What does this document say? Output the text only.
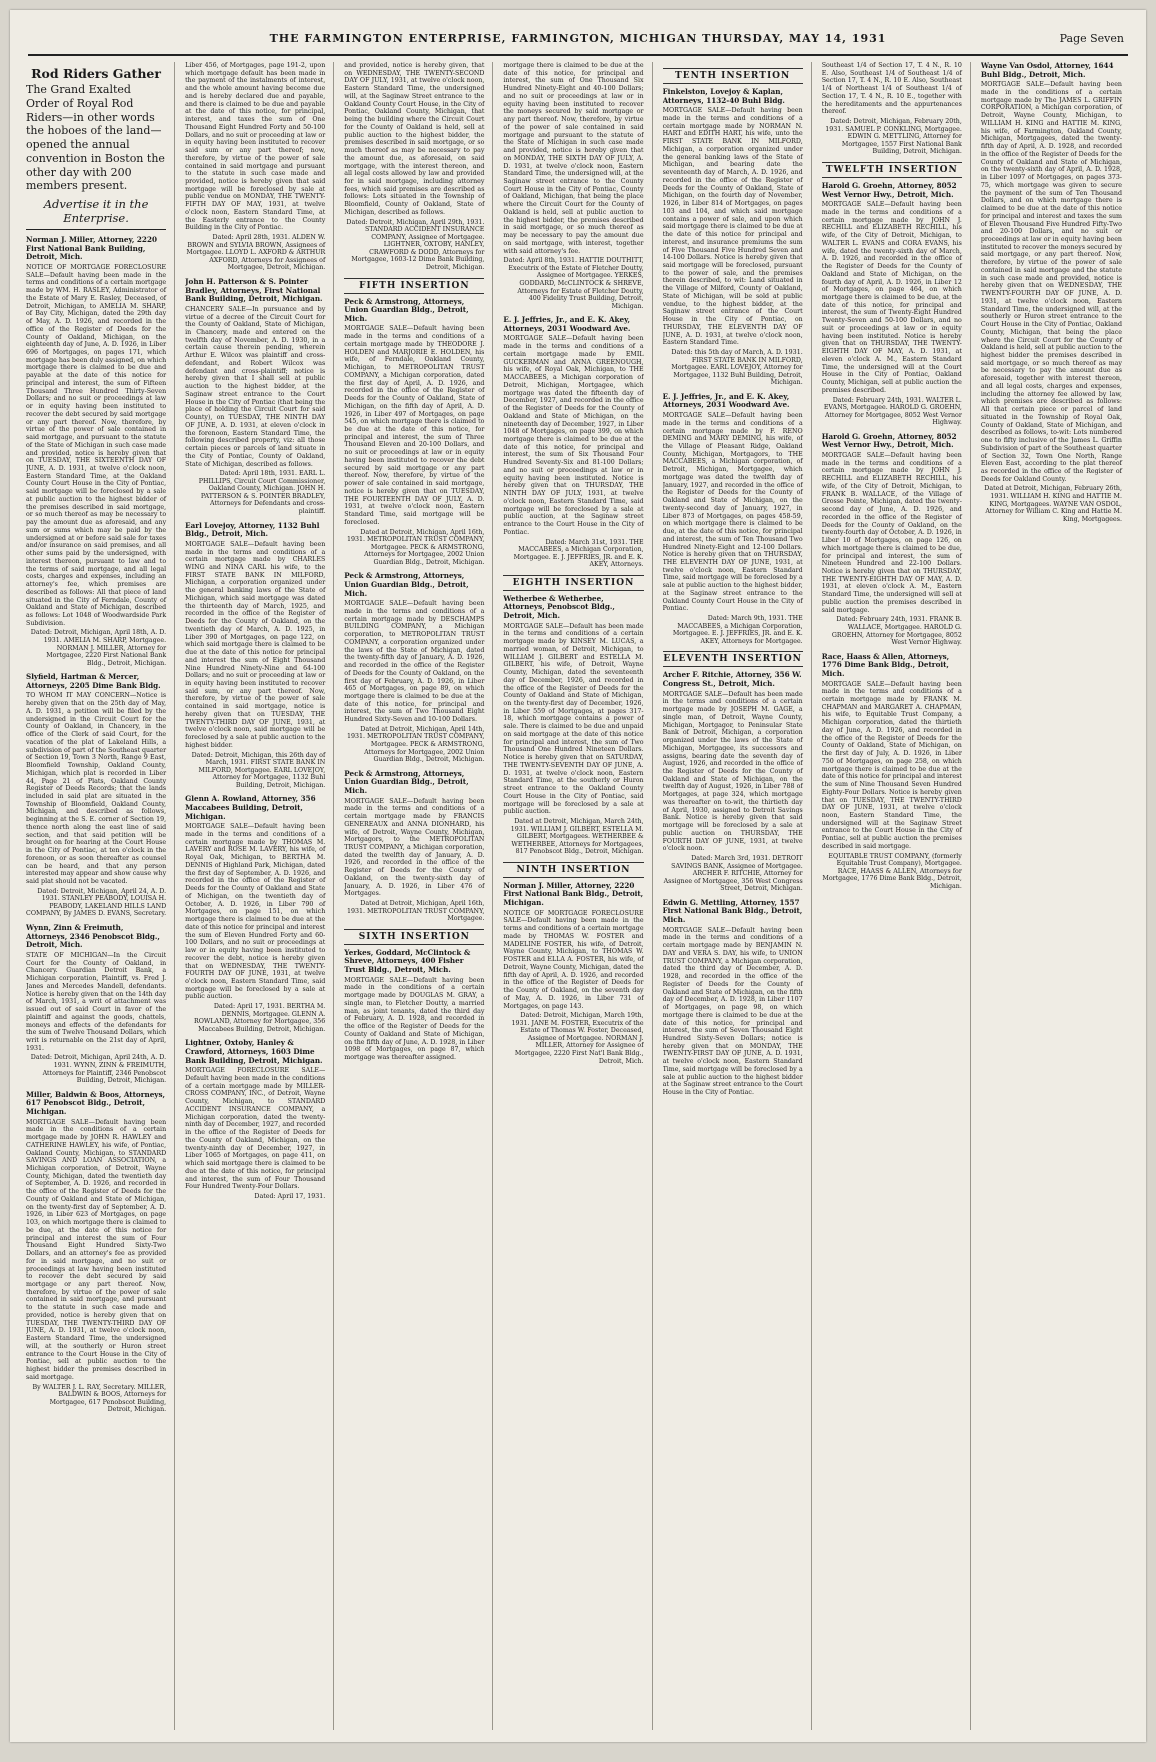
THE FARMINGTON ENTERPRISE, FARMINGTON, MICHIGAN THURSDAY, MAY 14, 1931	Page Seven
Rod Riders Gather

The Grand Exalted Order of Royal Rod Riders—in other words the hoboes of the land—opened the annual convention in Boston the other day with 200 members present.

Advertise it in the Enterprise.
Norman J. Miller, Attorney, 2220 First National Bank Building, Detroit, Mich.

NOTICE OF MORTGAGE FORECLOSURE SALE—Default having been made in the terms and conditions of a certain mortgage made by WM. H. RASLEY, Administrator of the Estate of Mary E. Rasley, Deceased, of Detroit, Michigan, to AMELIA M. SHARP, of Bay City, Michigan, dated the 29th day of May, A. D. 1926, and recorded in the office of the Register of Deeds for the County of Oakland, Michigan, on the eighteenth day of June, A. D. 1926, in Liber 696 of Mortgages, on pages 171, which mortgage has been duly assigned, on which mortgage there is claimed to be due and payable at the date of this notice for principal and interest, the sum of Fifteen Thousand Three Hundred Thirty-Seven Dollars; and no suit or proceedings at law or in equity having been instituted to recover the debt secured by said mortgage or any part thereof. Now, therefore, by virtue of the power of sale contained in said mortgage, and pursuant to the statute of the State of Michigan in such case made and provided, notice is hereby given that on TUESDAY, THE SIXTEENTH DAY OF JUNE, A. D. 1931, at twelve o'clock noon, Eastern Standard Time, at the Oakland County Court House in the City of Pontiac, said mortgage will be foreclosed by a sale at public auction to the highest bidder of the premises described in said mortgage, or so much thereof as may be necessary to pay the amount due as aforesaid, and any sum or sums which may be paid by the undersigned at or before said sale for taxes and/or insurance on said premises, and all other sums paid by the undersigned, with interest thereon, pursuant to law and to the terms of said mortgage, and all legal costs, charges and expenses, including an attorney's fee, which premises are described as follows: All that piece of land situated in the City of Ferndale, County of Oakland and State of Michigan, described as follows: Lot 1048 of Woodwardside Park Subdivision.

Dated: Detroit, Michigan, April 18th, A. D. 1931. AMELIA M. SHARP, Mortgagee. NORMAN J. MILLER, Attorney for Mortgagee, 2220 First National Bank Bldg., Detroit, Michigan.
Slyfield, Hartman & Mercer, Attorneys, 2205 Dime Bank Bldg.

TO WHOM IT MAY CONCERN—Notice is hereby given that on the 25th day of May, A. D. 1931, a petition will be filed by the undersigned in the Circuit Court for the County of Oakland, in Chancery, in the office of the Clerk of said Court, for the vacation of the plat of Lakeland Hills, a subdivision of part of the Southeast quarter of Section 19, Town 3 North, Range 9 East, Bloomfield Township, Oakland County, Michigan, which plat is recorded in Liber 44, Page 21 of Plats, Oakland County Register of Deeds Records; that the lands included in said plat are situated in the Township of Bloomfield, Oakland County, Michigan, and described as follows, beginning at the S. E. corner of Section 19, thence north along the east line of said section, and that said petition will be brought on for hearing at the Court House in the City of Pontiac, at ten o'clock in the forenoon, or as soon thereafter as counsel can be heard, and that any person interested may appear and show cause why said plat should not be vacated.

Dated: Detroit, Michigan, April 24, A. D. 1931. STANLEY PEABODY, LOUISA H. PEABODY, LAKELAND HILLS LAND COMPANY, By JAMES D. EVANS, Secretary.
Wynn, Zinn & Freimuth, Attorneys, 2346 Penobscot Bldg., Detroit, Mich.

STATE OF MICHIGAN—In the Circuit Court for the County of Oakland, in Chancery. Guardian Detroit Bank, a Michigan corporation, Plaintiff, vs. Fred J. Janes and Mercedes Mandell, defendants. Notice is hereby given that on the 14th day of March, 1931, a writ of attachment was issued out of said Court in favor of the plaintiff and against the goods, chattels, moneys and effects of the defendants for the sum of Twelve Thousand Dollars, which writ is returnable on the 21st day of April, 1931.

Dated: Detroit, Michigan, April 24th, A. D. 1931. WYNN, ZINN & FREIMUTH, Attorneys for Plaintiff, 2346 Penobscot Building, Detroit, Michigan.
Miller, Baldwin & Boos, Attorneys, 617 Penobscot Bldg., Detroit, Michigan.

MORTGAGE SALE—Default having been made in the conditions of a certain mortgage made by JOHN R. HAWLEY and CATHERINE HAWLEY, his wife, of Pontiac, Oakland County, Michigan, to STANDARD SAVINGS AND LOAN ASSOCIATION, a Michigan corporation, of Detroit, Wayne County, Michigan, dated the twentieth day of September, A. D. 1926, and recorded in the office of the Register of Deeds for the County of Oakland and State of Michigan, on the twenty-first day of September, A. D. 1926, in Liber 623 of Mortgages, on page 103, on which mortgage there is claimed to be due, at the date of this notice for principal and interest the sum of Four Thousand Eight Hundred Sixty-Two Dollars, and an attorney's fee as provided for in said mortgage, and no suit or proceedings at law having been instituted to recover the debt secured by said mortgage or any part thereof. Now, therefore, by virtue of the power of sale contained in said mortgage, and pursuant to the statute in such case made and provided, notice is hereby given that on TUESDAY, THE TWENTY-THIRD DAY OF JUNE, A. D. 1931, at twelve o'clock noon, Eastern Standard Time, the undersigned will, at the southerly or Huron street entrance to the Court House in the City of Pontiac, sell at public auction to the highest bidder the premises described in said mortgage.

By WALTER J. L. RAY, Secretary. MILLER, BALDWIN & BOOS, Attorneys for Mortgagee, 617 Penobscot Building, Detroit, Michigan.

Liber 456, of Mortgages, page 191-2, upon which mortgage default has been made in the payment of the instalments of interest, and the whole amount having become due and is hereby declared due and payable, and there is claimed to be due and payable at the date of this notice, for principal, interest, and taxes the sum of One Thousand Eight Hundred Forty and 50-100 Dollars, and no suit or proceeding at law or in equity having been instituted to recover said sum or any part thereof; now, therefore, by virtue of the power of sale contained in said mortgage and pursuant to the statute in such case made and provided, notice is hereby given that said mortgage will be foreclosed by sale at public vendue on MONDAY, THE TWENTY-FIFTH DAY OF MAY, 1931, at twelve o'clock noon, Eastern Standard Time, at the Easterly entrance to the County Building in the City of Pontiac.

Dated: April 28th, 1931. ALDEN W. BROWN and SYLVIA BROWN, Assignees of Mortgagee. LLOYD L. AXFORD & ARTHUR AXFORD, Attorneys for Assignees of Mortgagee, Detroit, Michigan.
John H. Patterson & S. Pointer Bradley, Attorneys, First National Bank Building, Detroit, Michigan.

CHANCERY SALE—In pursuance and by virtue of a decree of the Circuit Court for the County of Oakland, State of Michigan, in Chancery, made and entered on the twelfth day of November, A. D. 1930, in a certain cause therein pending, wherein Arthur E. Wilcox was plaintiff and cross-defendant, and Robert Wilcox was defendant and cross-plaintiff; notice is hereby given that I shall sell at public auction to the highest bidder, at the Saginaw street entrance to the Court House in the City of Pontiac (that being the place of holding the Circuit Court for said County), on TUESDAY, THE NINTH DAY OF JUNE, A. D. 1931, at eleven o'clock in the forenoon, Eastern Standard Time, the following described property, viz: all those certain pieces or parcels of land situate in the City of Pontiac, County of Oakland, State of Michigan, described as follows.

Dated: April 18th, 1931. EARL L. PHILLIPS, Circuit Court Commissioner, Oakland County, Michigan. JOHN H. PATTERSON & S. POINTER BRADLEY, Attorneys for Defendants and cross-plaintiff.
Earl Lovejoy, Attorney, 1132 Buhl Bldg., Detroit, Mich.

MORTGAGE SALE—Default having been made in the terms and conditions of a certain mortgage made by CHARLES WING and NINA CARL his wife, to the FIRST STATE BANK IN MILFORD, Michigan, a corporation organized under the general banking laws of the State of Michigan, which said mortgage was dated the thirteenth day of March, 1925, and recorded in the office of the Register of Deeds for the County of Oakland, on the twentieth day of March, A. D. 1925, in Liber 390 of Mortgages, on page 122, on which said mortgage there is claimed to be due at the date of this notice for principal and interest the sum of Eight Thousand Nine Hundred Ninety-Nine and 64-100 Dollars; and no suit or proceeding at law or in equity having been instituted to recover said sum, or any part thereof. Now, therefore, by virtue of the power of sale contained in said mortgage, notice is hereby given that on TUESDAY, THE TWENTY-THIRD DAY OF JUNE, 1931, at twelve o'clock noon, said mortgage will be foreclosed by a sale at public auction to the highest bidder.

Dated: Detroit, Michigan, this 26th day of March, 1931. FIRST STATE BANK IN MILFORD, Mortgagee. EARL LOVEJOY, Attorney for Mortgagee, 1132 Buhl Building, Detroit, Michigan.
Glenn A. Rowland, Attorney, 356 Maccabees Building, Detroit, Michigan.

MORTGAGE SALE—Default having been made in the terms and conditions of a certain mortgage made by THOMAS M. LAVERY and ROSE M. LAVERY, his wife, of Royal Oak, Michigan, to BERTHA M. DENNIS of Highland Park, Michigan, dated the first day of September, A. D. 1926, and recorded in the office of the Register of Deeds for the County of Oakland and State of Michigan, on the twentieth day of October, A. D. 1926, in Liber 790 of Mortgages, on page 151, on which mortgage there is claimed to be due at the date of this notice for principal and interest the sum of Eleven Hundred Forty and 60-100 Dollars, and no suit or proceedings at law or in equity having been instituted to recover the debt, notice is hereby given that on WEDNESDAY, THE TWENTY-FOURTH DAY OF JUNE, 1931, at twelve o'clock noon, Eastern Standard Time, said mortgage will be foreclosed by a sale at public auction.

Dated: April 17, 1931. BERTHA M. DENNIS, Mortgagee. GLENN A. ROWLAND, Attorney for Mortgagee, 356 Maccabees Building, Detroit, Michigan.
Lightner, Oxtoby, Hanley & Crawford, Attorneys, 1603 Dime Bank Building, Detroit, Michigan.

MORTGAGE FORECLOSURE SALE—Default having been made in the conditions of a certain mortgage made by MILLER-CROSS COMPANY, INC., of Detroit, Wayne County, Michigan, to STANDARD ACCIDENT INSURANCE COMPANY, a Michigan corporation, dated the twenty-ninth day of December, 1927, and recorded in the office of the Register of Deeds for the County of Oakland, Michigan, on the twenty-ninth day of December, 1927, in Liber 1065 of Mortgages, on page 411, on which said mortgage there is claimed to be due at the date of this notice, for principal and interest, the sum of Four Thousand Four Hundred Twenty-Four Dollars.

Dated: April 17, 1931.

and provided, notice is hereby given, that on WEDNESDAY, THE TWENTY-SECOND DAY OF JULY, 1931, at twelve o'clock noon, Eastern Standard Time, the undersigned will, at the Saginaw Street entrance to the Oakland County Court House, in the City of Pontiac, Oakland County, Michigan, that being the building where the Circuit Court for the County of Oakland is held, sell at public auction to the highest bidder, the premises described in said mortgage, or so much thereof as may be necessary to pay the amount due, as aforesaid, on said mortgage, with the interest thereon, and all legal costs allowed by law and provided for in said mortgage, including attorney fees, which said premises are described as follows: Lots situated in the Township of Bloomfield, County of Oakland, State of Michigan, described as follows.

Dated: Detroit, Michigan, April 29th, 1931. STANDARD ACCIDENT INSURANCE COMPANY, Assignee of Mortgagee. LIGHTNER, OXTOBY, HANLEY, CRAWFORD & DODD, Attorneys for Mortgagee, 1603-12 Dime Bank Building, Detroit, Michigan.
FIFTH INSERTION
Peck & Armstrong, Attorneys, Union Guardian Bldg., Detroit, Mich.

MORTGAGE SALE—Default having been made in the terms and conditions of a certain mortgage made by THEODORE J. HOLDEN and MARJORIE E. HOLDEN, his wife, of Ferndale, Oakland County, Michigan, to METROPOLITAN TRUST COMPANY, a Michigan corporation, dated the first day of April, A. D. 1926, and recorded in the office of the Register of Deeds for the County of Oakland, State of Michigan, on the fifth day of April, A. D. 1926, in Liber 497 of Mortgages, on page 545, on which mortgage there is claimed to be due at the date of this notice, for principal and interest, the sum of Three Thousand Eleven and 20-100 Dollars, and no suit or proceedings at law or in equity having been instituted to recover the debt secured by said mortgage or any part thereof. Now, therefore, by virtue of the power of sale contained in said mortgage, notice is hereby given that on TUESDAY, THE FOURTEENTH DAY OF JULY, A. D. 1931, at twelve o'clock noon, Eastern Standard Time, said mortgage will be foreclosed.

Dated at Detroit, Michigan, April 16th, 1931. METROPOLITAN TRUST COMPANY, Mortgagee. PECK & ARMSTRONG, Attorneys for Mortgagee, 2002 Union Guardian Bldg., Detroit, Michigan.
Peck & Armstrong, Attorneys, Union Guardian Bldg., Detroit, Mich.

MORTGAGE SALE—Default having been made in the terms and conditions of a certain mortgage made by DESCHAMPS BUILDING COMPANY, a Michigan corporation, to METROPOLITAN TRUST COMPANY, a corporation organized under the laws of the State of Michigan, dated the twenty-fifth day of January, A. D. 1926, and recorded in the office of the Register of Deeds for the County of Oakland, on the first day of February, A. D. 1926, in Liber 465 of Mortgages, on page 89, on which mortgage there is claimed to be due at the date of this notice, for principal and interest, the sum of Two Thousand Eight Hundred Sixty-Seven and 10-100 Dollars.

Dated at Detroit, Michigan, April 14th, 1931. METROPOLITAN TRUST COMPANY, Mortgagee. PECK & ARMSTRONG, Attorneys for Mortgagee, 2002 Union Guardian Bldg., Detroit, Michigan.
Peck & Armstrong, Attorneys, Union Guardian Bldg., Detroit, Mich.

MORTGAGE SALE—Default having been made in the terms and conditions of a certain mortgage made by FRANCIS GENEREAUX and ANNA DIONHARD, his wife, of Detroit, Wayne County, Michigan, Mortgagors, to the METROPOLITAN TRUST COMPANY, a Michigan corporation, dated the twelfth day of January, A. D. 1926, and recorded in the office of the Register of Deeds for the County of Oakland, on the twenty-sixth day of January, A. D. 1926, in Liber 476 of Mortgages.

Dated at Detroit, Michigan, April 16th, 1931. METROPOLITAN TRUST COMPANY, Mortgagee.
SIXTH INSERTION
Yerkes, Goddard, McClintock & Shreve, Attorneys, 400 Fisher Trust Bldg., Detroit, Mich.

MORTGAGE SALE—Default having been made in the conditions of a certain mortgage made by DOUGLAS M. GRAY, a single man, to Fletcher Doutty, a married man, as joint tenants, dated the third day of February, A. D. 1928, and recorded in the office of the Register of Deeds for the County of Oakland and State of Michigan, on the fifth day of June, A. D. 1928, in Liber 1098 of Mortgages, on page 87, which mortgage was thereafter assigned.

mortgage there is claimed to be due at the date of this notice, for principal and interest, the sum of One Thousand Six Hundred Ninety-Eight and 40-100 Dollars; and no suit or proceedings at law or in equity having been instituted to recover the moneys secured by said mortgage or any part thereof. Now, therefore, by virtue of the power of sale contained in said mortgage and pursuant to the statute of the State of Michigan in such case made and provided, notice is hereby given that on MONDAY, THE SIXTH DAY OF JULY, A. D. 1931, at twelve o'clock noon, Eastern Standard Time, the undersigned will, at the Saginaw street entrance to the County Court House in the City of Pontiac, County of Oakland, Michigan, that being the place where the Circuit Court for the County of Oakland is held, sell at public auction to the highest bidder, the premises described in said mortgage, or so much thereof as may be necessary to pay the amount due on said mortgage, with interest, together with said attorney's fee.

Dated: April 8th, 1931. HATTIE DOUTHITT, Executrix of the Estate of Fletcher Doutty, Assignee of Mortgagee. YERKES, GODDARD, McCLINTOCK & SHREVE, Attorneys for Estate of Fletcher Doutty, 400 Fidelity Trust Building, Detroit, Michigan.
E. J. Jeffries, Jr., and E. K. Akey, Attorneys, 2031 Woodward Ave.

MORTGAGE SALE—Default having been made in the terms and conditions of a certain mortgage made by EMIL GUCKERMAN and ANNA GREENOUGH, his wife, of Royal Oak, Michigan, to THE MACCABEES, a Michigan corporation of Detroit, Michigan, Mortgagee, which mortgage was dated the fifteenth day of December, 1927, and recorded in the office of the Register of Deeds for the County of Oakland and State of Michigan, on the nineteenth day of December, 1927, in Liber 1048 of Mortgages, on page 399, on which mortgage there is claimed to be due at the date of this notice, for principal and interest, the sum of Six Thousand Four Hundred Seventy-Six and 81-100 Dollars; and no suit or proceedings at law or in equity having been instituted. Notice is hereby given that on THURSDAY, THE NINTH DAY OF JULY, 1931, at twelve o'clock noon, Eastern Standard Time, said mortgage will be foreclosed by a sale at public auction, at the Saginaw street entrance to the Court House in the City of Pontiac.

Dated: March 31st, 1931. THE MACCABEES, a Michigan Corporation, Mortgagee. E. J. JEFFRIES, JR. and E. K. AKEY, Attorneys.
EIGHTH INSERTION
Wetherbee & Wetherbee, Attorneys, Penobscot Bldg., Detroit, Mich.

MORTGAGE SALE—Default has been made in the terms and conditions of a certain mortgage made by KINSEY M. LUCAS, a married woman, of Detroit, Michigan, to WILLIAM J. GILBERT and ESTELLA M. GILBERT, his wife, of Detroit, Wayne County, Michigan, dated the seventeenth day of December, 1926, and recorded in the office of the Register of Deeds for the County of Oakland and State of Michigan, on the twenty-first day of December, 1926, in Liber 559 of Mortgages, at pages 317-18, which mortgage contains a power of sale. There is claimed to be due and unpaid on said mortgage at the date of this notice for principal and interest, the sum of Two Thousand One Hundred Nineteen Dollars. Notice is hereby given that on SATURDAY, THE TWENTY-SEVENTH DAY OF JUNE, A. D. 1931, at twelve o'clock noon, Eastern Standard Time, at the southerly or Huron street entrance to the Oakland County Court House in the City of Pontiac, said mortgage will be foreclosed by a sale at public auction.

Dated at Detroit, Michigan, March 24th, 1931. WILLIAM J. GILBERT, ESTELLA M. GILBERT, Mortgagees. WETHERBEE & WETHERBEE, Attorneys for Mortgagees, 817 Penobscot Bldg., Detroit, Michigan.
NINTH INSERTION
Norman J. Miller, Attorney, 2220 First National Bank Bldg., Detroit, Michigan.

NOTICE OF MORTGAGE FORECLOSURE SALE—Default having been made in the terms and conditions of a certain mortgage made by THOMAS W. FOSTER and MADELINE FOSTER, his wife, of Detroit, Wayne County, Michigan, to THOMAS W. FOSTER and ELLA A. FOSTER, his wife, of Detroit, Wayne County, Michigan, dated the fifth day of April, A. D. 1926, and recorded in the office of the Register of Deeds for the County of Oakland, on the seventh day of May, A. D. 1926, in Liber 731 of Mortgages, on page 143.

Dated: Detroit, Michigan, March 19th, 1931. JANE M. FOSTER, Executrix of the Estate of Thomas W. Foster, Deceased, Assignee of Mortgagee. NORMAN J. MILLER, Attorney for Assignee of Mortgagee, 2220 First Nat'l Bank Bldg., Detroit, Mich.
TENTH INSERTION
Finkelston, Lovejoy & Kaplan, Attorneys, 1132-40 Buhl Bldg.

MORTGAGE SALE—Default having been made in the terms and conditions of a certain mortgage made by NORMAN N. HART and EDITH HART, his wife, unto the FIRST STATE BANK IN MILFORD, Michigan, a corporation organized under the general banking laws of the State of Michigan, and bearing date the seventeenth day of March, A. D. 1926, and recorded in the office of the Register of Deeds for the County of Oakland, State of Michigan, on the fourth day of November, 1926, in Liber 814 of Mortgages, on pages 103 and 104, and which said mortgage contains a power of sale, and upon which said mortgage there is claimed to be due at the date of this notice for principal and interest, and insurance premiums the sum of Five Thousand Five Hundred Seven and 14-100 Dollars. Notice is hereby given that said mortgage will be foreclosed, pursuant to the power of sale, and the premises therein described, to wit: Land situated in the Village of Milford, County of Oakland, State of Michigan, will be sold at public vendue, to the highest bidder, at the Saginaw street entrance of the Court House in the City of Pontiac, on THURSDAY, THE ELEVENTH DAY OF JUNE, A. D. 1931, at twelve o'clock noon, Eastern Standard Time.

Dated: this 5th day of March, A. D. 1931. FIRST STATE BANK IN MILFORD, Mortgagee. EARL LOVEJOY, Attorney for Mortgagee, 1132 Buhl Building, Detroit, Michigan.
E. J. Jeffries, Jr., and E. K. Akey, Attorneys, 2031 Woodward Ave.

MORTGAGE SALE—Default having been made in the terms and conditions of a certain mortgage made by F. RENO DEMING and MARY DEMING, his wife, of the Village of Pleasant Ridge, Oakland County, Michigan, Mortgagors, to THE MACCABEES, a Michigan corporation, of Detroit, Michigan, Mortgagee, which mortgage was dated the twelfth day of January, 1927, and recorded in the office of the Register of Deeds for the County of Oakland and State of Michigan, on the twenty-second day of January, 1927, in Liber 873 of Mortgages, on pages 458-59, on which mortgage there is claimed to be due, at the date of this notice, for principal and interest, the sum of Ten Thousand Two Hundred Ninety-Eight and 12-100 Dollars. Notice is hereby given that on THURSDAY, THE ELEVENTH DAY OF JUNE, 1931, at twelve o'clock noon, Eastern Standard Time, said mortgage will be foreclosed by a sale at public auction to the highest bidder, at the Saginaw street entrance to the Oakland County Court House in the City of Pontiac.

Dated: March 9th, 1931. THE MACCABEES, a Michigan Corporation, Mortgagee. E. J. JEFFRIES, JR. and E. K. AKEY, Attorneys for Mortgagee.
ELEVENTH INSERTION
Archer F. Ritchie, Attorney, 356 W. Congress St., Detroit, Mich.

MORTGAGE SALE—Default has been made in the terms and conditions of a certain mortgage made by JOSEPH M. GAGE, a single man, of Detroit, Wayne County, Michigan, Mortgagor, to Peninsular State Bank of Detroit, Michigan, a corporation organized under the laws of the State of Michigan, Mortgagee, its successors and assigns, bearing date the seventh day of August, 1926, and recorded in the office of the Register of Deeds for the County of Oakland and State of Michigan, on the twelfth day of August, 1926, in Liber 788 of Mortgages, at page 324, which mortgage was thereafter on to-wit, the thirtieth day of April, 1930, assigned to Detroit Savings Bank. Notice is hereby given that said mortgage will be foreclosed by a sale at public auction on THURSDAY, THE FOURTH DAY OF JUNE, 1931, at twelve o'clock noon.

Dated: March 3rd, 1931. DETROIT SAVINGS BANK, Assignee of Mortgagee. ARCHER F. RITCHIE, Attorney for Assignee of Mortgagee, 356 West Congress Street, Detroit, Michigan.
Edwin G. Mettling, Attorney, 1557 First National Bank Bldg., Detroit, Mich.

MORTGAGE SALE—Default having been made in the terms and conditions of a certain mortgage made by BENJAMIN N. DAY and VERA S. DAY, his wife, to UNION TRUST COMPANY, a Michigan corporation, dated the third day of December, A. D. 1928, and recorded in the office of the Register of Deeds for the County of Oakland and State of Michigan, on the fifth day of December, A. D. 1928, in Liber 1107 of Mortgages, on page 98, on which mortgage there is claimed to be due at the date of this notice, for principal and interest, the sum of Seven Thousand Eight Hundred Sixty-Seven Dollars; notice is hereby given that on MONDAY, THE TWENTY-FIRST DAY OF JUNE, A. D. 1931, at twelve o'clock noon, Eastern Standard Time, said mortgage will be foreclosed by a sale at public auction to the highest bidder at the Saginaw street entrance to the Court House in the City of Pontiac.

Southeast 1/4 of Section 17, T. 4 N., R. 10 E. Also, Southeast 1/4 of Southeast 1/4 of Section 17, T. 4 N., R. 10 E. Also, Southeast 1/4 of Northeast 1/4 of Southeast 1/4 of Section 17, T. 4 N., R. 10 E., together with the hereditaments and the appurtenances thereof.

Dated: Detroit, Michigan, February 20th, 1931. SAMUEL P. CONKLING, Mortgagee. EDWIN G. METTLING, Attorney for Mortgagee, 1557 First National Bank Building, Detroit, Michigan.
TWELFTH INSERTION
Harold G. Groehn, Attorney, 8052 West Vernor Hwy., Detroit, Mich.

MORTGAGE SALE—Default having been made in the terms and conditions of a certain mortgage made by JOHN J. RECHILL and ELIZABETH RECHILL, his wife, of the City of Detroit, Michigan, to WALTER L. EVANS and CORA EVANS, his wife, dated the twenty-sixth day of March, A. D. 1926, and recorded in the office of the Register of Deeds for the County of Oakland and State of Michigan, on the fourth day of April, A. D. 1926, in Liber 12 of Mortgages, on page 464, on which mortgage there is claimed to be due, at the date of this notice, for principal and interest, the sum of Twenty-Eight Hundred Twenty-Seven and 50-100 Dollars, and no suit or proceedings at law or in equity having been instituted. Notice is hereby given that on THURSDAY, THE TWENTY-EIGHTH DAY OF MAY, A. D. 1931, at eleven o'clock A. M., Eastern Standard Time, the undersigned will at the Court House in the City of Pontiac, Oakland County, Michigan, sell at public auction the premises described.

Dated: February 24th, 1931. WALTER L. EVANS, Mortgagee. HAROLD G. GROEHN, Attorney for Mortgagee, 8052 West Vernor Highway.
Harold G. Groehn, Attorney, 8052 West Vernor Hwy., Detroit, Mich.

MORTGAGE SALE—Default having been made in the terms and conditions of a certain mortgage made by JOHN J. RECHILL and ELIZABETH RECHILL, his wife, of the City of Detroit, Michigan, to FRANK B. WALLACE, of the Village of Grosse Pointe, Michigan, dated the twenty-second day of June, A. D. 1926, and recorded in the office of the Register of Deeds for the County of Oakland, on the twenty-fourth day of October, A. D. 1926, in Liber 10 of Mortgages, on page 126, on which mortgage there is claimed to be due, for principal and interest, the sum of Nineteen Hundred and 22-100 Dollars. Notice is hereby given that on THURSDAY, THE TWENTY-EIGHTH DAY OF MAY, A. D. 1931, at eleven o'clock A. M., Eastern Standard Time, the undersigned will sell at public auction the premises described in said mortgage.

Dated: February 24th, 1931. FRANK B. WALLACE, Mortgagee. HAROLD G. GROEHN, Attorney for Mortgagee, 8052 West Vernor Highway.
Race, Haass & Allen, Attorneys, 1776 Dime Bank Bldg., Detroit, Mich.

MORTGAGE SALE—Default having been made in the terms and conditions of a certain mortgage made by FRANK M. CHAPMAN and MARGARET A. CHAPMAN, his wife, to Equitable Trust Company, a Michigan corporation, dated the thirtieth day of June, A. D. 1926, and recorded in the office of the Register of Deeds for the County of Oakland, State of Michigan, on the first day of July, A. D. 1926, in Liber 750 of Mortgages, on page 258, on which mortgage there is claimed to be due at the date of this notice for principal and interest the sum of Nine Thousand Seven Hundred Eighty-Four Dollars. Notice is hereby given that on TUESDAY, THE TWENTY-THIRD DAY OF JUNE, 1931, at twelve o'clock noon, Eastern Standard Time, the undersigned will at the Saginaw Street entrance to the Court House in the City of Pontiac, sell at public auction the premises described in said mortgage.

EQUITABLE TRUST COMPANY, (formerly Equitable Trust Company), Mortgagee. RACE, HAASS & ALLEN, Attorneys for Mortgagee, 1776 Dime Bank Bldg., Detroit, Michigan.
Wayne Van Osdol, Attorney, 1644 Buhl Bldg., Detroit, Mich.

MORTGAGE SALE—Default having been made in the conditions of a certain mortgage made by The JAMES L. GRIFFIN CORPORATION, a Michigan corporation, of Detroit, Wayne County, Michigan, to WILLIAM H. KING and HATTIE M. KING, his wife, of Farmington, Oakland County, Michigan, Mortgagees, dated the twenty-fifth day of April, A. D. 1928, and recorded in the office of the Register of Deeds for the County of Oakland and State of Michigan, on the twenty-sixth day of April, A. D. 1928, in Liber 1097 of Mortgages, on pages 373-75, which mortgage was given to secure the payment of the sum of Ten Thousand Dollars, and on which mortgage there is claimed to be due at the date of this notice for principal and interest and taxes the sum of Eleven Thousand Five Hundred Fifty-Two and 20-100 Dollars, and no suit or proceedings at law or in equity having been instituted to recover the moneys secured by said mortgage, or any part thereof. Now, therefore, by virtue of the power of sale contained in said mortgage and the statute in such case made and provided, notice is hereby given that on WEDNESDAY, THE TWENTY-FOURTH DAY OF JUNE, A. D. 1931, at twelve o'clock noon, Eastern Standard Time, the undersigned will, at the southerly or Huron street entrance to the Court House in the City of Pontiac, Oakland County, Michigan, that being the place where the Circuit Court for the County of Oakland is held, sell at public auction to the highest bidder the premises described in said mortgage, or so much thereof as may be necessary to pay the amount due as aforesaid, together with interest thereon, and all legal costs, charges and expenses, including the attorney fee allowed by law, which premises are described as follows: All that certain piece or parcel of land situated in the Township of Royal Oak, County of Oakland, State of Michigan, and described as follows, to-wit: Lots numbered one to fifty inclusive of the James L. Griffin Subdivision of part of the Southeast quarter of Section 32, Town One North, Range Eleven East, according to the plat thereof as recorded in the office of the Register of Deeds for Oakland County.

Dated at Detroit, Michigan, February 26th, 1931. WILLIAM H. KING and HATTIE M. KING, Mortgagees. WAYNE VAN OSDOL, Attorney for William C. King and Hattie M. King, Mortgagees.
